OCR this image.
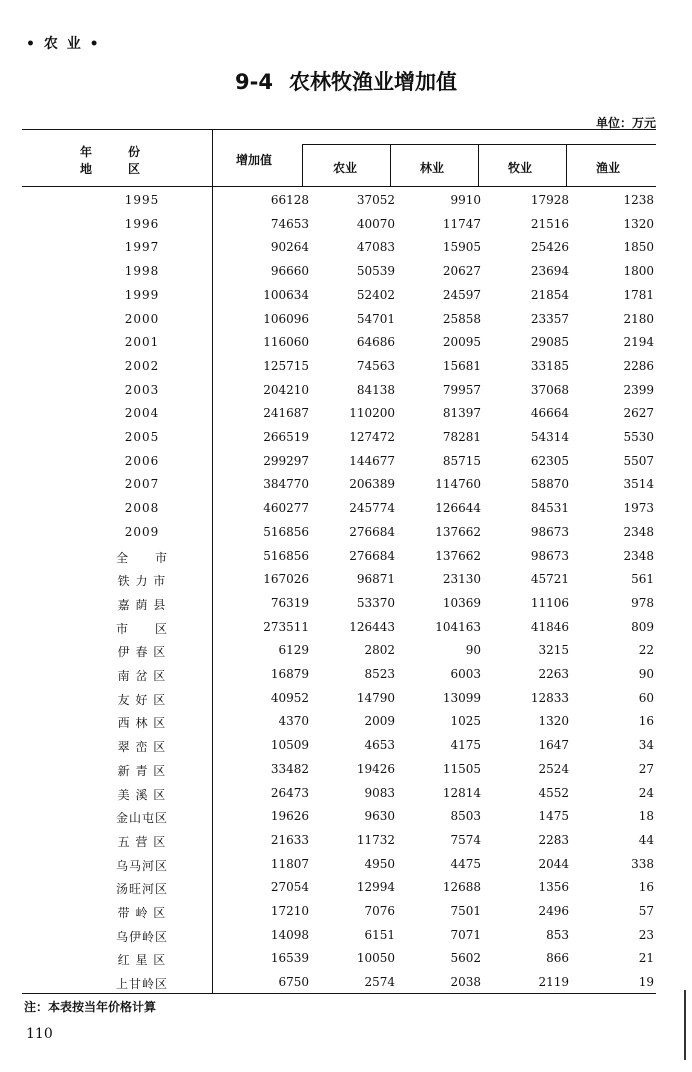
• 农 业 •
9-4 农林牧渔业增加值
单位：万元
年　　　份
地　　　区
增加值
农业	林业	牧业	渔业
1995	66128	37052	9910	17928	1238
1996	74653	40070	11747	21516	1320
1997	90264	47083	15905	25426	1850
1998	96660	50539	20627	23694	1800
1999	100634	52402	24597	21854	1781
2000	106096	54701	25858	23357	2180
2001	116060	64686	20095	29085	2194
2002	125715	74563	15681	33185	2286
2003	204210	84138	79957	37068	2399
2004	241687	110200	81397	46664	2627
2005	266519	127472	78281	54314	5530
2006	299297	144677	85715	62305	5507
2007	384770	206389	114760	58870	3514
2008	460277	245774	126644	84531	1973
2009	516856	276684	137662	98673	2348
全　　市	516856	276684	137662	98673	2348
铁 力 市	167026	96871	23130	45721	561
嘉 荫 县	76319	53370	10369	11106	978
市　　区	273511	126443	104163	41846	809
伊 春 区	6129	2802	90	3215	22
南 岔 区	16879	8523	6003	2263	90
友 好 区	40952	14790	13099	12833	60
西 林 区	4370	2009	1025	1320	16
翠 峦 区	10509	4653	4175	1647	34
新 青 区	33482	19426	11505	2524	27
美 溪 区	26473	9083	12814	4552	24
金山屯区	19626	9630	8503	1475	18
五 营 区	21633	11732	7574	2283	44
乌马河区	11807	4950	4475	2044	338
汤旺河区	27054	12994	12688	1356	16
带 岭 区	17210	7076	7501	2496	57
乌伊岭区	14098	6151	7071	853	23
红 星 区	16539	10050	5602	866	21
上甘岭区	6750	2574	2038	2119	19
注：本表按当年价格计算
110
